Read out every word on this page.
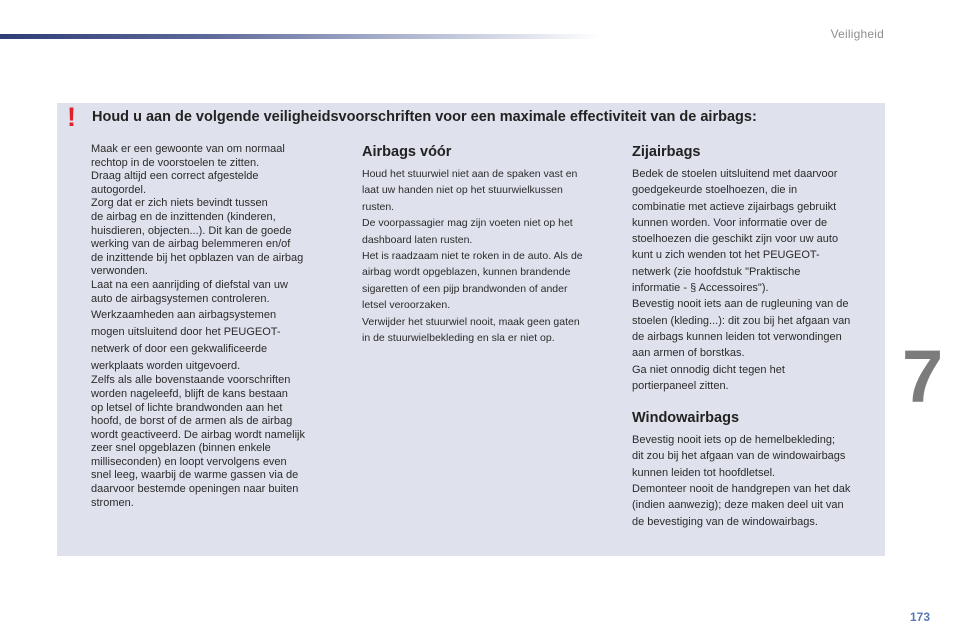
Veiligheid
! Houd u aan de volgende veiligheidsvoorschriften voor een maximale effectiviteit van de airbags:

Maak er een gewoonte van om normaal
rechtop in de voorstoelen te zitten.
Draag altijd een correct afgestelde
autogordel.
Zorg dat er zich niets bevindt tussen
de airbag en de inzittenden (kinderen,
huisdieren, objecten...). Dit kan de goede
werking van de airbag belemmeren en/of
de inzittende bij het opblazen van de airbag
verwonden.
Laat na een aanrijding of diefstal van uw
auto de airbagsystemen controleren.

Werkzaamheden aan airbagsystemen
mogen uitsluitend door het PEUGEOT-
netwerk of door een gekwalificeerde
werkplaats worden uitgevoerd.

Zelfs als alle bovenstaande voorschriften
worden nageleefd, blijft de kans bestaan
op letsel of lichte brandwonden aan het
hoofd, de borst of de armen als de airbag
wordt geactiveerd. De airbag wordt namelijk
zeer snel opgeblazen (binnen enkele
milliseconden) en loopt vervolgens even
snel leeg, waarbij de warme gassen via de
daarvoor bestemde openingen naar buiten
stromen.

Airbags vóór

Houd het stuurwiel niet aan de spaken vast en
laat uw handen niet op het stuurwielkussen
rusten.
De voorpassagier mag zijn voeten niet op het
dashboard laten rusten.
Het is raadzaam niet te roken in de auto. Als de
airbag wordt opgeblazen, kunnen brandende
sigaretten of een pijp brandwonden of ander
letsel veroorzaken.
Verwijder het stuurwiel nooit, maak geen gaten
in de stuurwielbekleding en sla er niet op.

Zijairbags

Bedek de stoelen uitsluitend met daarvoor
goedgekeurde stoelhoezen, die in
combinatie met actieve zijairbags gebruikt
kunnen worden. Voor informatie over de
stoelhoezen die geschikt zijn voor uw auto
kunt u zich wenden tot het PEUGEOT-
netwerk (zie hoofdstuk "Praktische
informatie - § Accessoires").
Bevestig nooit iets aan de rugleuning van de
stoelen (kleding...): dit zou bij het afgaan van
de airbags kunnen leiden tot verwondingen
aan armen of borstkas.
Ga niet onnodig dicht tegen het
portierpaneel zitten.

Windowairbags

Bevestig nooit iets op de hemelbekleding;
dit zou bij het afgaan van de windowairbags
kunnen leiden tot hoofdletsel.
Demonteer nooit de handgrepen van het dak
(indien aanwezig); deze maken deel uit van
de bevestiging van de windowairbags.

7
173
